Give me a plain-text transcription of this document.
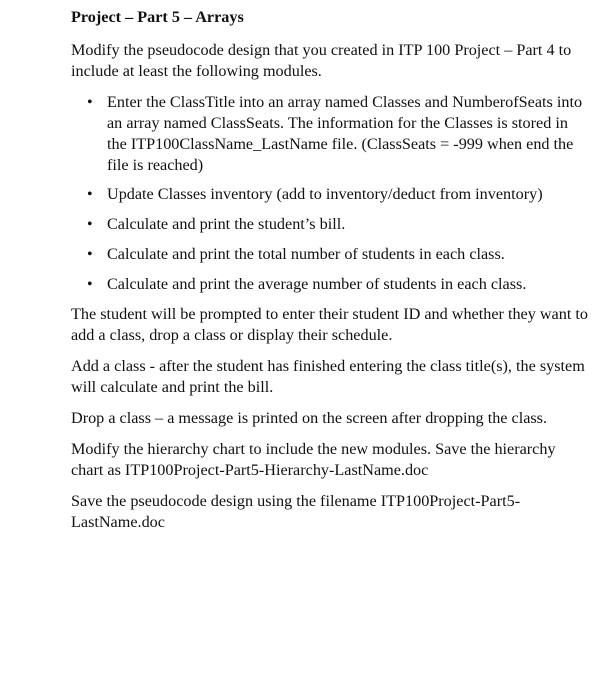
Project – Part 5 – Arrays
Modify the pseudocode design that you created in ITP 100 Project – Part 4 to include at least the following modules.
• Enter the ClassTitle into an array named Classes and NumberofSeats into an array named ClassSeats. The information for the Classes is stored in the ITP100ClassName_LastName file. (ClassSeats = -999 when end the file is reached)
• Update Classes inventory (add to inventory/deduct from inventory)
• Calculate and print the student’s bill.
• Calculate and print the total number of students in each class.
• Calculate and print the average number of students in each class.
The student will be prompted to enter their student ID and whether they want to add a class, drop a class or display their schedule.
Add a class - after the student has finished entering the class title(s), the system will calculate and print the bill.
Drop a class – a message is printed on the screen after dropping the class.
Modify the hierarchy chart to include the new modules. Save the hierarchy chart as ITP100Project-Part5-Hierarchy-LastName.doc
Save the pseudocode design using the filename ITP100Project-Part5-LastName.doc
